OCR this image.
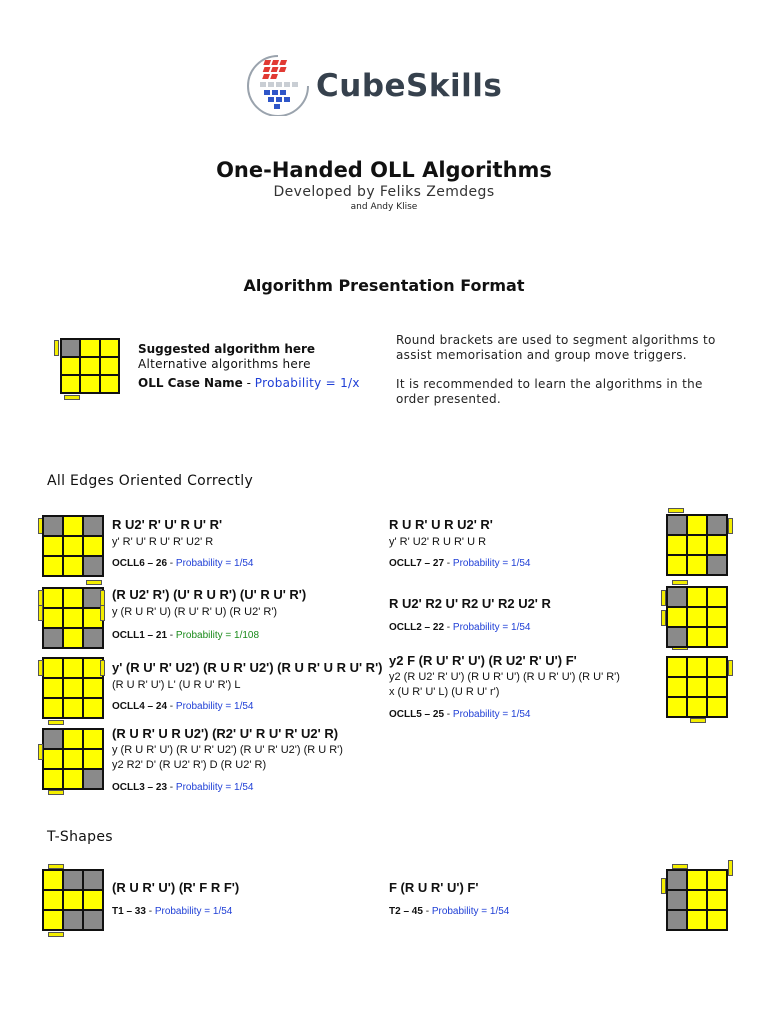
CubeSkills
One-Handed OLL Algorithms
Developed by Feliks Zemdegs
and Andy Klise
Algorithm Presentation Format
Suggested algorithm here
Alternative algorithms here
OLL Case Name - Probability = 1/x
Round brackets are used to segment algorithms to
assist memorisation and group move triggers.
It is recommended to learn the algorithms in the
order presented.
All Edges Oriented Correctly
R U2' R' U' R U' R'
y' R' U' R U' R' U2' R
OCLL6 – 26 - Probability = 1/54
(R U2' R') (U' R U R') (U' R U' R')
y (R U R' U) (R U' R' U) (R U2' R')
OCLL1 – 21 - Probability = 1/108
y' (R U' R' U2') (R U R' U2') (R U R' U R U' R')
(R U R' U') L' (U R U' R') L
OCLL4 – 24 - Probability = 1/54
(R U R' U R U2') (R2' U' R U' R' U2' R)
y (R U R' U') (R U' R' U2') (R U' R' U2') (R U R')
y2 R2' D' (R U2' R') D (R U2' R)
OCLL3 – 23 - Probability = 1/54
R U R' U R U2' R'
y' R' U2' R U R' U R
OCLL7 – 27 - Probability = 1/54
R U2' R2 U' R2 U' R2 U2' R
OCLL2 – 22 - Probability = 1/54
y2 F (R U' R' U') (R U2' R' U') F'
y2 (R U2' R' U') (R U R' U') (R U R' U') (R U' R')
x (U R' U' L) (U R U' r')
OCLL5 – 25 - Probability = 1/54
T-Shapes
(R U R' U') (R' F R F')
T1 – 33 - Probability = 1/54
F (R U R' U') F'
T2 – 45 - Probability = 1/54
